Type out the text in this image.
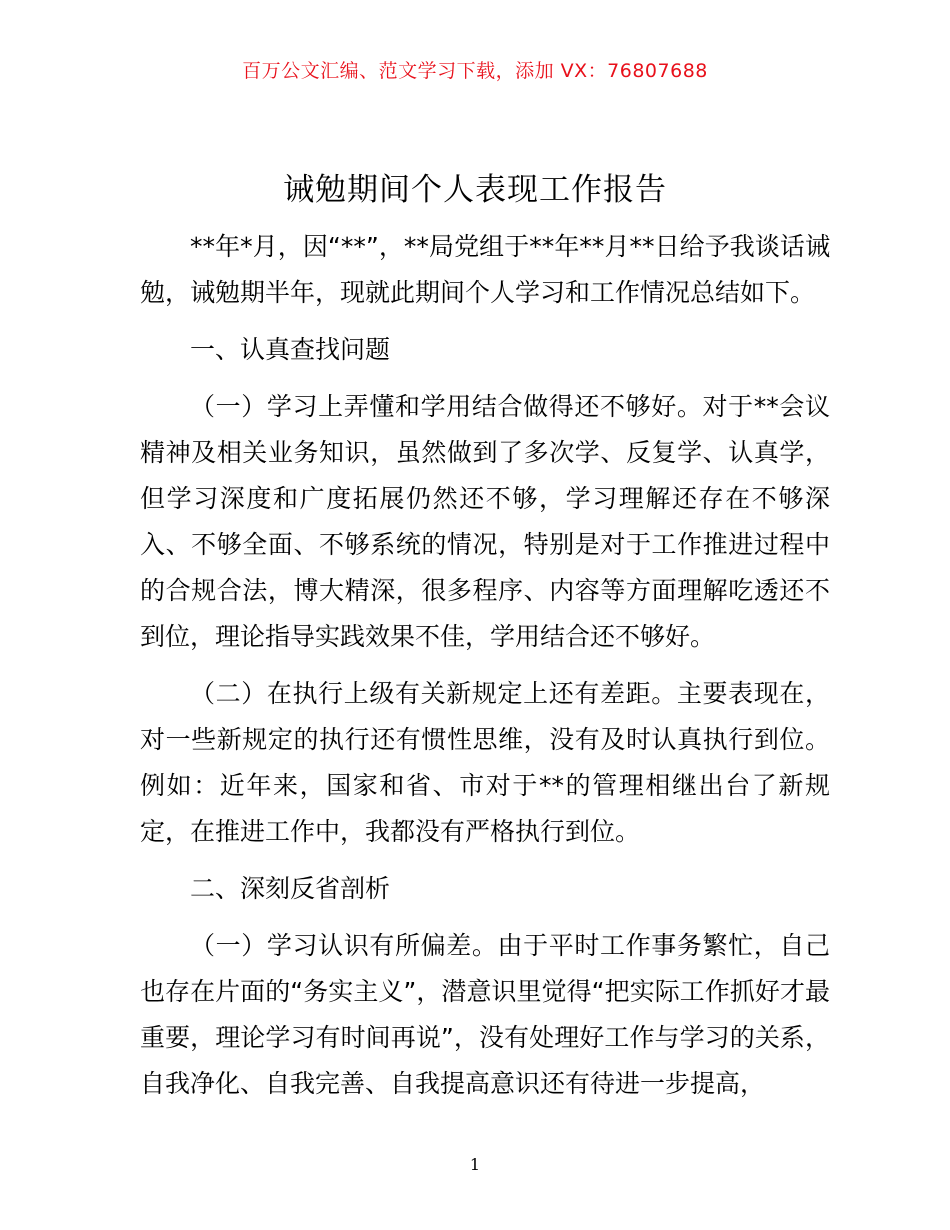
百万公文汇编、范文学习下载，添加 VX：76807688
诫勉期间个人表现工作报告

**年*月，因“**”，**局党组于**年**月**日给予我谈话诫勉，诫勉期半年，现就此期间个人学习和工作情况总结如下。

一、认真查找问题

（一）学习上弄懂和学用结合做得还不够好。对于**会议精神及相关业务知识，虽然做到了多次学、反复学、认真学，但学习深度和广度拓展仍然还不够，学习理解还存在不够深入、不够全面、不够系统的情况，特别是对于工作推进过程中的合规合法，博大精深，很多程序、内容等方面理解吃透还不到位，理论指导实践效果不佳，学用结合还不够好。

（二）在执行上级有关新规定上还有差距。主要表现在，对一些新规定的执行还有惯性思维，没有及时认真执行到位。例如：近年来，国家和省、市对于**的管理相继出台了新规定，在推进工作中，我都没有严格执行到位。

二、深刻反省剖析

（一）学习认识有所偏差。由于平时工作事务繁忙，自己也存在片面的“务实主义”，潜意识里觉得“把实际工作抓好才最重要，理论学习有时间再说”，没有处理好工作与学习的关系，自我净化、自我完善、自我提高意识还有待进一步提高，

1
